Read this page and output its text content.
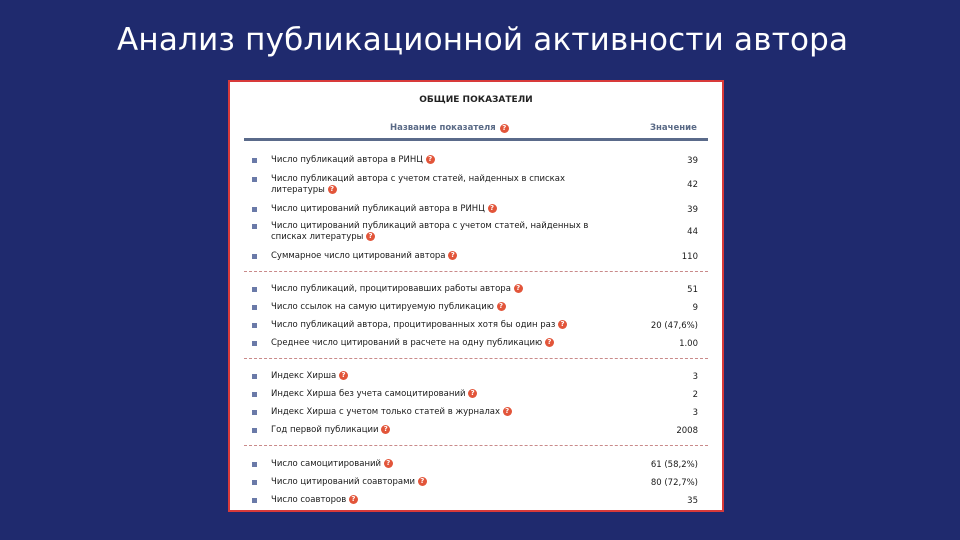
Анализ публикационной активности автора
ОБЩИЕ ПОКАЗАТЕЛИ
Название показателя ?	Значение
Число публикаций автора в РИНЦ ?	39
Число публикаций автора с учетом статей, найденных в списках литературы ?	42
Число цитирований публикаций автора в РИНЦ ?	39
Число цитирований публикаций автора с учетом статей, найденных в списках литературы ?	44
Суммарное число цитирований автора ?	110
Число публикаций, процитировавших работы автора ?	51
Число ссылок на самую цитируемую публикацию ?	9
Число публикаций автора, процитированных хотя бы один раз ?	20 (47,6%)
Среднее число цитирований в расчете на одну публикацию ?	1.00
Индекс Хирша ?	3
Индекс Хирша без учета самоцитирований ?	2
Индекс Хирша с учетом только статей в журналах ?	3
Год первой публикации ?	2008
Число самоцитирований ?	61 (58,2%)
Число цитирований соавторами ?	80 (72,7%)
Число соавторов ?	35
